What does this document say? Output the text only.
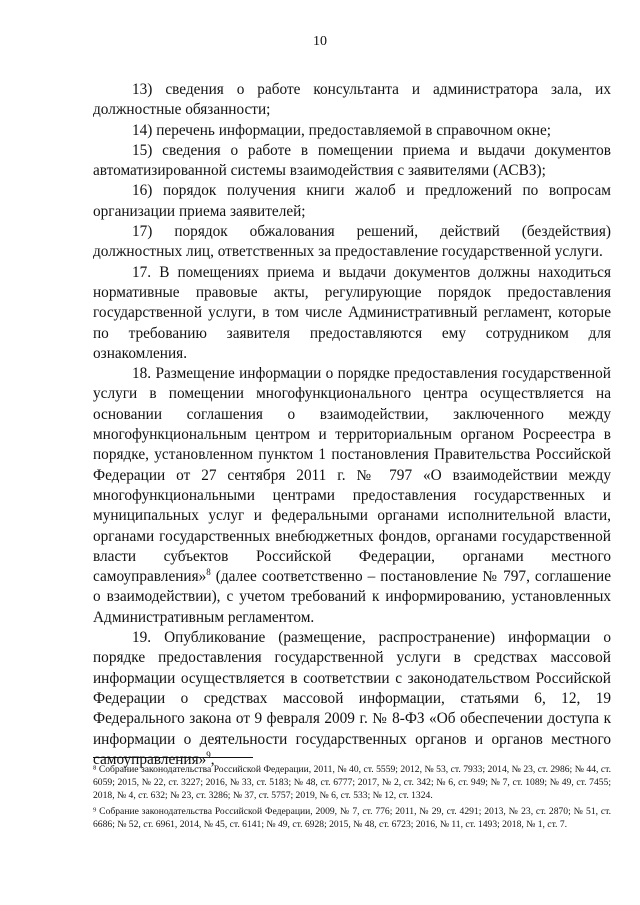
10

13) сведения о работе консультанта и администратора зала, их должностные обязанности;

14) перечень информации, предоставляемой в справочном окне;

15) сведения о работе в помещении приема и выдачи документов автоматизированной системы взаимодействия с заявителями (АСВЗ);

16) порядок получения книги жалоб и предложений по вопросам организации приема заявителей;

17) порядок обжалования решений, действий (бездействия) должностных лиц, ответственных за предоставление государственной услуги.

17. В помещениях приема и выдачи документов должны находиться нормативные правовые акты, регулирующие порядок предоставления государственной услуги, в том числе Административный регламент, которые по требованию заявителя предоставляются ему сотрудником для ознакомления.

18. Размещение информации о порядке предоставления государственной услуги в помещении многофункционального центра осуществляется на основании соглашения о взаимодействии, заключенного между многофункциональным центром и территориальным органом Росреестра в порядке, установленном пунктом 1 постановления Правительства Российской Федерации от 27 сентября 2011 г. № 797 «О взаимодействии между многофункциональными центрами предоставления государственных и муниципальных услуг и федеральными органами исполнительной власти, органами государственных внебюджетных фондов, органами государственной власти субъектов Российской Федерации, органами местного самоуправления»$^8$ (далее соответственно – постановление № 797, соглашение о взаимодействии), с учетом требований к информированию, установленных Административным регламентом.

19. Опубликование (размещение, распространение) информации о порядке предоставления государственной услуги в средствах массовой информации осуществляется в соответствии с законодательством Российской Федерации о средствах массовой информации, статьями 6, 12, 19 Федерального закона от 9 февраля 2009 г. № 8-ФЗ «Об обеспечении доступа к информации о деятельности государственных органов и органов местного самоуправления»$^9$,

⁸ Собрание законодательства Российской Федерации, 2011, № 40, ст. 5559; 2012, № 53, ст. 7933; 2014, № 23, ст. 2986; № 44, ст. 6059; 2015, № 22, ст. 3227; 2016, № 33, ст. 5183; № 48, ст. 6777; 2017, № 2, ст. 342; № 6, ст. 949; № 7, ст. 1089; № 49, ст. 7455; 2018, № 4, ст. 632; № 23, ст. 3286; № 37, ст. 5757; 2019, № 6, ст. 533; № 12, ст. 1324.

⁹ Собрание законодательства Российской Федерации, 2009, № 7, ст. 776; 2011, № 29, ст. 4291; 2013, № 23, ст. 2870; № 51, ст. 6686; № 52, ст. 6961, 2014, № 45, ст. 6141; № 49, ст. 6928; 2015, № 48, ст. 6723; 2016, № 11, ст. 1493; 2018, № 1, ст. 7.
